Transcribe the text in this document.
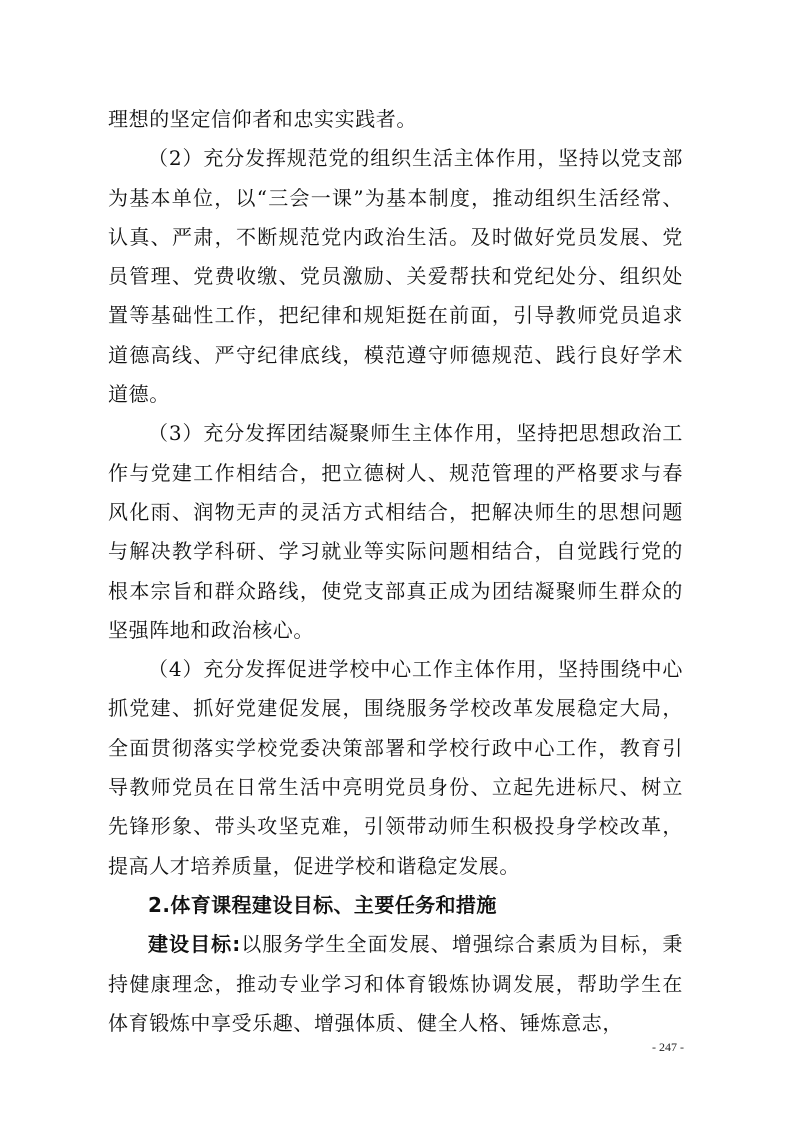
理想的坚定信仰者和忠实实践者。

（2）充分发挥规范党的组织生活主体作用，坚持以党支部为基本单位，以“三会一课”为基本制度，推动组织生活经常、认真、严肃，不断规范党内政治生活。及时做好党员发展、党员管理、党费收缴、党员激励、关爱帮扶和党纪处分、组织处置等基础性工作，把纪律和规矩挺在前面，引导教师党员追求道德高线、严守纪律底线，模范遵守师德规范、践行良好学术道德。

（3）充分发挥团结凝聚师生主体作用，坚持把思想政治工作与党建工作相结合，把立德树人、规范管理的严格要求与春风化雨、润物无声的灵活方式相结合，把解决师生的思想问题与解决教学科研、学习就业等实际问题相结合，自觉践行党的根本宗旨和群众路线，使党支部真正成为团结凝聚师生群众的坚强阵地和政治核心。

（4）充分发挥促进学校中心工作主体作用，坚持围绕中心抓党建、抓好党建促发展，围绕服务学校改革发展稳定大局，全面贯彻落实学校党委决策部署和学校行政中心工作，教育引导教师党员在日常生活中亮明党员身份、立起先进标尺、树立先锋形象、带头攻坚克难，引领带动师生积极投身学校改革，提高人才培养质量，促进学校和谐稳定发展。

2.体育课程建设目标、主要任务和措施

建设目标:以服务学生全面发展、增强综合素质为目标，秉持健康理念，推动专业学习和体育锻炼协调发展，帮助学生在体育锻炼中享受乐趣、增强体质、健全人格、锤炼意志，

- 247 -
